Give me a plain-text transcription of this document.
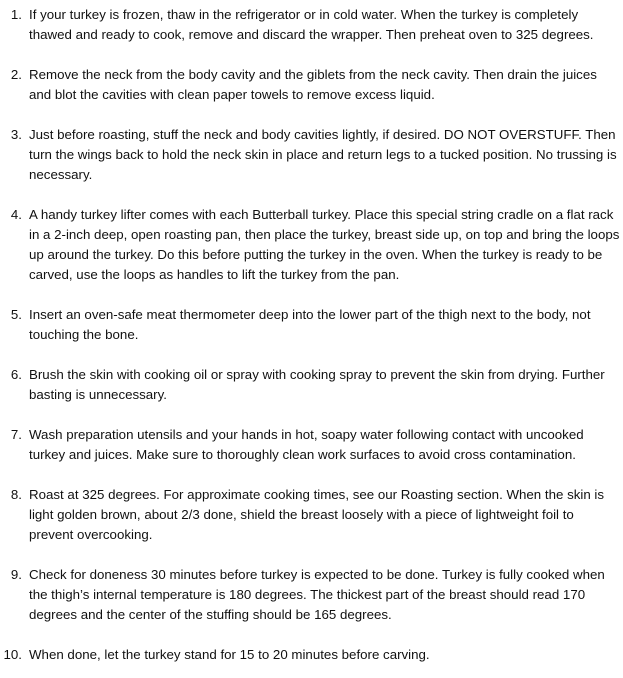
1. If your turkey is frozen, thaw in the refrigerator or in cold water. When the turkey is completely thawed and ready to cook, remove and discard the wrapper. Then preheat oven to 325 degrees.
2. Remove the neck from the body cavity and the giblets from the neck cavity. Then drain the juices and blot the cavities with clean paper towels to remove excess liquid.
3. Just before roasting, stuff the neck and body cavities lightly, if desired. DO NOT OVERSTUFF. Then turn the wings back to hold the neck skin in place and return legs to a tucked position. No trussing is necessary.
4. A handy turkey lifter comes with each Butterball turkey. Place this special string cradle on a flat rack in a 2-inch deep, open roasting pan, then place the turkey, breast side up, on top and bring the loops up around the turkey. Do this before putting the turkey in the oven. When the turkey is ready to be carved, use the loops as handles to lift the turkey from the pan.
5. Insert an oven-safe meat thermometer deep into the lower part of the thigh next to the body, not touching the bone.
6. Brush the skin with cooking oil or spray with cooking spray to prevent the skin from drying. Further basting is unnecessary.
7. Wash preparation utensils and your hands in hot, soapy water following contact with uncooked turkey and juices. Make sure to thoroughly clean work surfaces to avoid cross contamination.
8. Roast at 325 degrees. For approximate cooking times, see our Roasting section. When the skin is light golden brown, about 2/3 done, shield the breast loosely with a piece of lightweight foil to prevent overcooking.
9. Check for doneness 30 minutes before turkey is expected to be done. Turkey is fully cooked when the thigh’s internal temperature is 180 degrees. The thickest part of the breast should read 170 degrees and the center of the stuffing should be 165 degrees.
10. When done, let the turkey stand for 15 to 20 minutes before carving.
